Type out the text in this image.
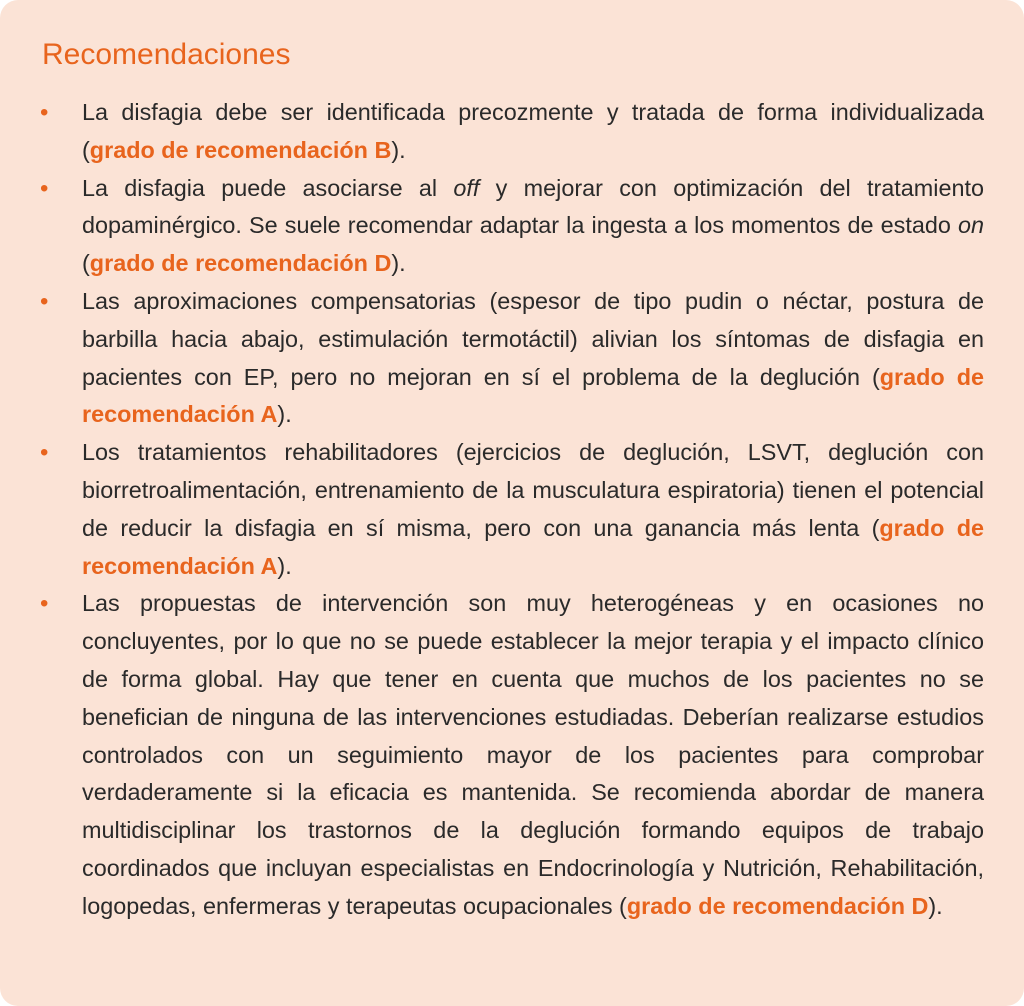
Recomendaciones
• La disfagia debe ser identificada precozmente y tratada de forma individualizada (grado de recomendación B).
• La disfagia puede asociarse al off y mejorar con optimización del tratamiento dopaminérgico. Se suele recomendar adaptar la ingesta a los momentos de estado on (grado de recomendación D).
• Las aproximaciones compensatorias (espesor de tipo pudin o néctar, postura de barbilla hacia abajo, estimulación termotáctil) alivian los síntomas de disfagia en pacientes con EP, pero no mejoran en sí el problema de la deglución (grado de recomendación A).
• Los tratamientos rehabilitadores (ejercicios de deglución, LSVT, deglución con biorretroalimentación, entrenamiento de la musculatura espiratoria) tienen el potencial de reducir la disfagia en sí misma, pero con una ganancia más lenta (grado de recomendación A).
• Las propuestas de intervención son muy heterogéneas y en ocasiones no concluyentes, por lo que no se puede establecer la mejor terapia y el impacto clínico de forma global. Hay que tener en cuenta que muchos de los pacientes no se benefician de ninguna de las intervenciones estudiadas. Deberían realizarse estudios controlados con un seguimiento mayor de los pacientes para comprobar verdaderamente si la eficacia es mantenida. Se recomienda abordar de manera multidisciplinar los trastornos de la deglución formando equipos de trabajo coordinados que incluyan especialistas en Endocrinología y Nutrición, Rehabilitación, logopedas, enfermeras y terapeutas ocupacionales (grado de recomendación D).
